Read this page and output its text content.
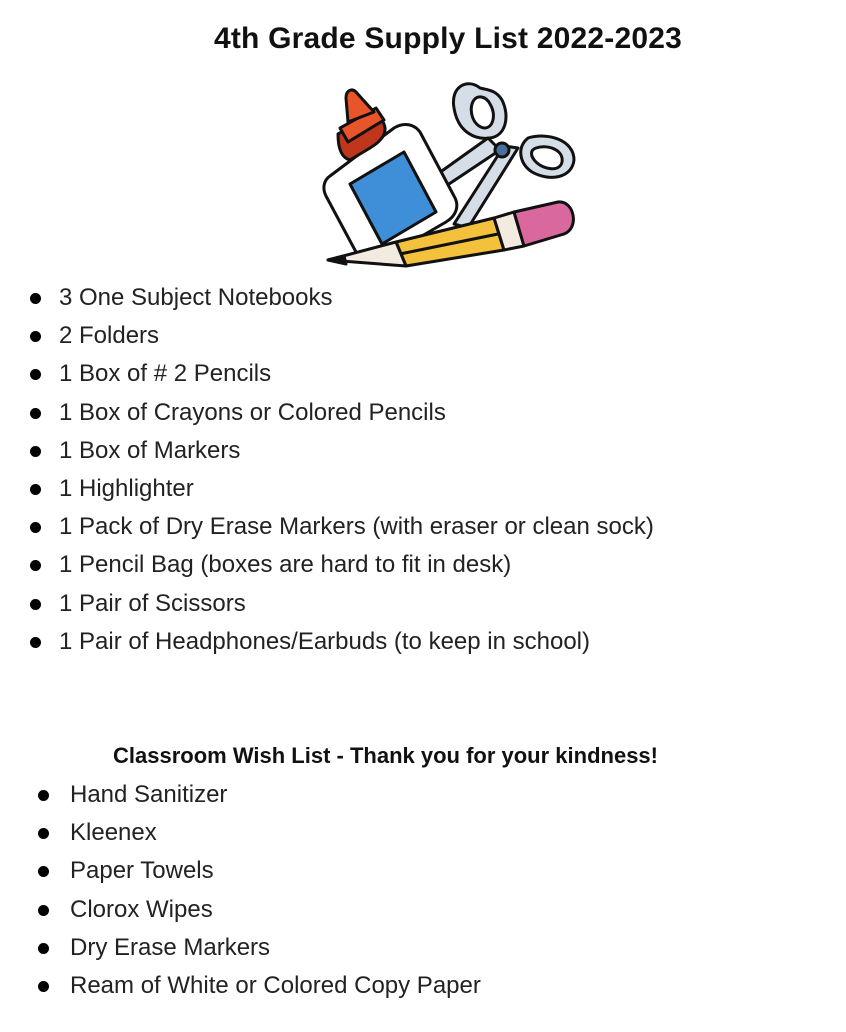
4th Grade Supply List 2022-2023
3 One Subject Notebooks
2 Folders
1 Box of # 2 Pencils
1 Box of Crayons or Colored Pencils
1 Box of Markers
1 Highlighter
1 Pack of Dry Erase Markers (with eraser or clean sock)
1 Pencil Bag (boxes are hard to fit in desk)
1 Pair of Scissors
1 Pair of Headphones/Earbuds (to keep in school)
Classroom Wish List - Thank you for your kindness!
Hand Sanitizer
Kleenex
Paper Towels
Clorox Wipes
Dry Erase Markers
Ream of White or Colored Copy Paper
